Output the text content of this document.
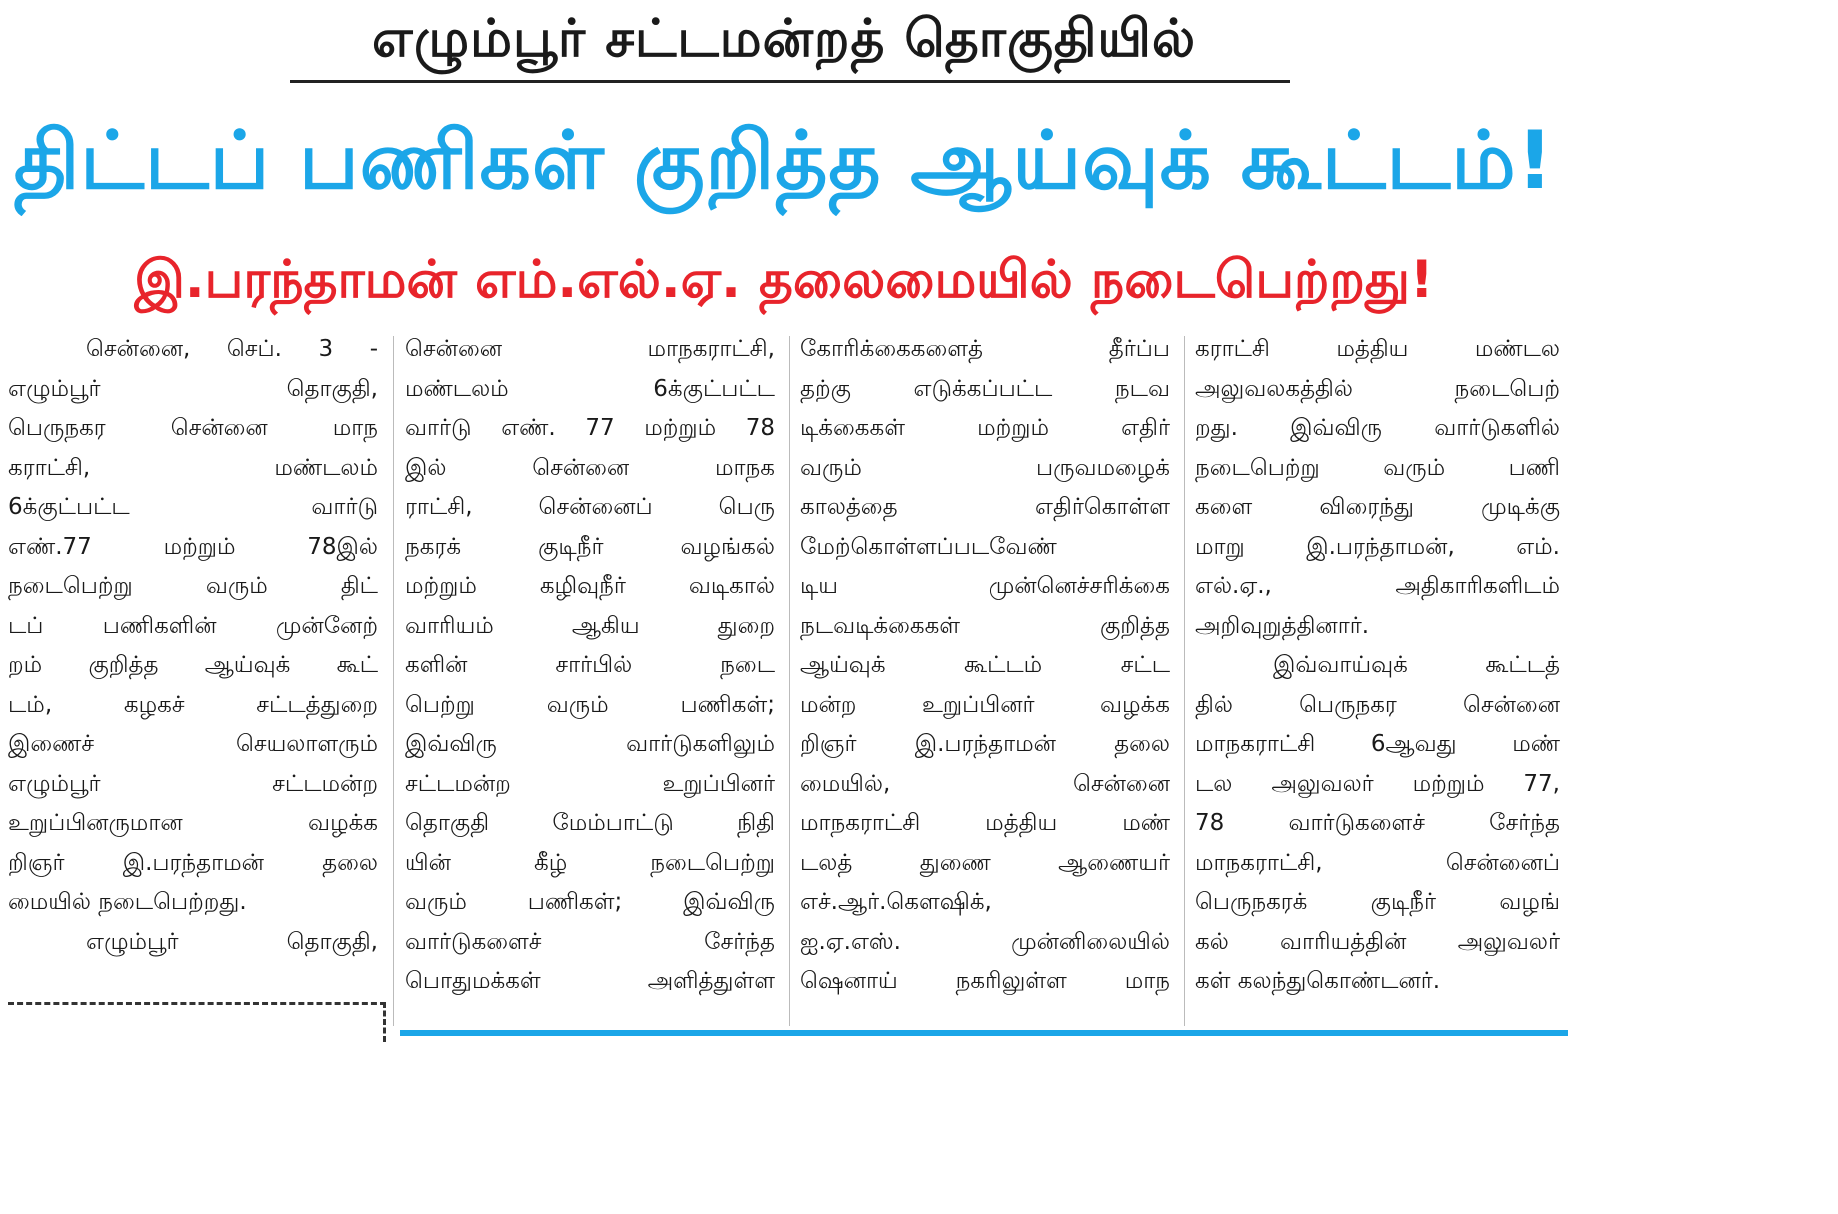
எழும்பூர் சட்டமன்றத் தொகுதியில்
திட்டப் பணிகள் குறித்த ஆய்வுக் கூட்டம்!
இ.பரந்தாமன் எம்.எல்.ஏ. தலைமையில் நடைபெற்றது!
சென்னை, செப். 3 -
எழும்பூர் தொகுதி,
பெருநகர சென்னை மாந
கராட்சி, மண்டலம்
6க்குட்பட்ட வார்டு
எண்.77 மற்றும் 78இல்
நடைபெற்று வரும் திட்
டப் பணிகளின் முன்னேற்
றம் குறித்த ஆய்வுக் கூட்
டம், கழகச் சட்டத்துறை
இணைச் செயலாளரும்
எழும்பூர் சட்டமன்ற
உறுப்பினருமான வழக்க
றிஞர் இ.பரந்தாமன் தலை
மையில் நடைபெற்றது.
எழும்பூர் தொகுதி,
சென்னை மாநகராட்சி,
மண்டலம் 6க்குட்பட்ட
வார்டு எண். 77 மற்றும் 78
இல் சென்னை மாநக
ராட்சி, சென்னைப் பெரு
நகரக் குடிநீர் வழங்கல்
மற்றும் கழிவுநீர் வடிகால்
வாரியம் ஆகிய துறை
களின் சார்பில் நடை
பெற்று வரும் பணிகள்;
இவ்விரு வார்டுகளிலும்
சட்டமன்ற உறுப்பினர்
தொகுதி மேம்பாட்டு நிதி
யின் கீழ் நடைபெற்று
வரும் பணிகள்; இவ்விரு
வார்டுகளைச் சேர்ந்த
பொதுமக்கள் அளித்துள்ள
கோரிக்கைகளைத் தீர்ப்ப
தற்கு எடுக்கப்பட்ட நடவ
டிக்கைகள் மற்றும் எதிர்
வரும் பருவமழைக்
காலத்தை எதிர்கொள்ள
மேற்கொள்ளப்படவேண்
டிய முன்னெச்சரிக்கை
நடவடிக்கைகள் குறித்த
ஆய்வுக் கூட்டம் சட்ட
மன்ற உறுப்பினர் வழக்க
றிஞர் இ.பரந்தாமன் தலை
மையில், சென்னை
மாநகராட்சி மத்திய மண்
டலத் துணை ஆணையர்
எச்.ஆர்.கௌஷிக்,
ஐ.ஏ.எஸ். முன்னிலையில்
ஷெனாய் நகரிலுள்ள மாந
கராட்சி மத்திய மண்டல
அலுவலகத்தில் நடைபெற்
றது. இவ்விரு வார்டுகளில்
நடைபெற்று வரும் பணி
களை விரைந்து முடிக்கு
மாறு இ.பரந்தாமன், எம்.
எல்.ஏ., அதிகாரிகளிடம்
அறிவுறுத்தினார்.
இவ்வாய்வுக் கூட்டத்
தில் பெருநகர சென்னை
மாநகராட்சி 6ஆவது மண்
டல அலுவலர் மற்றும் 77,
78 வார்டுகளைச் சேர்ந்த
மாநகராட்சி, சென்னைப்
பெருநகரக் குடிநீர் வழங்
கல் வாரியத்தின் அலுவலர்
கள் கலந்துகொண்டனர்.
